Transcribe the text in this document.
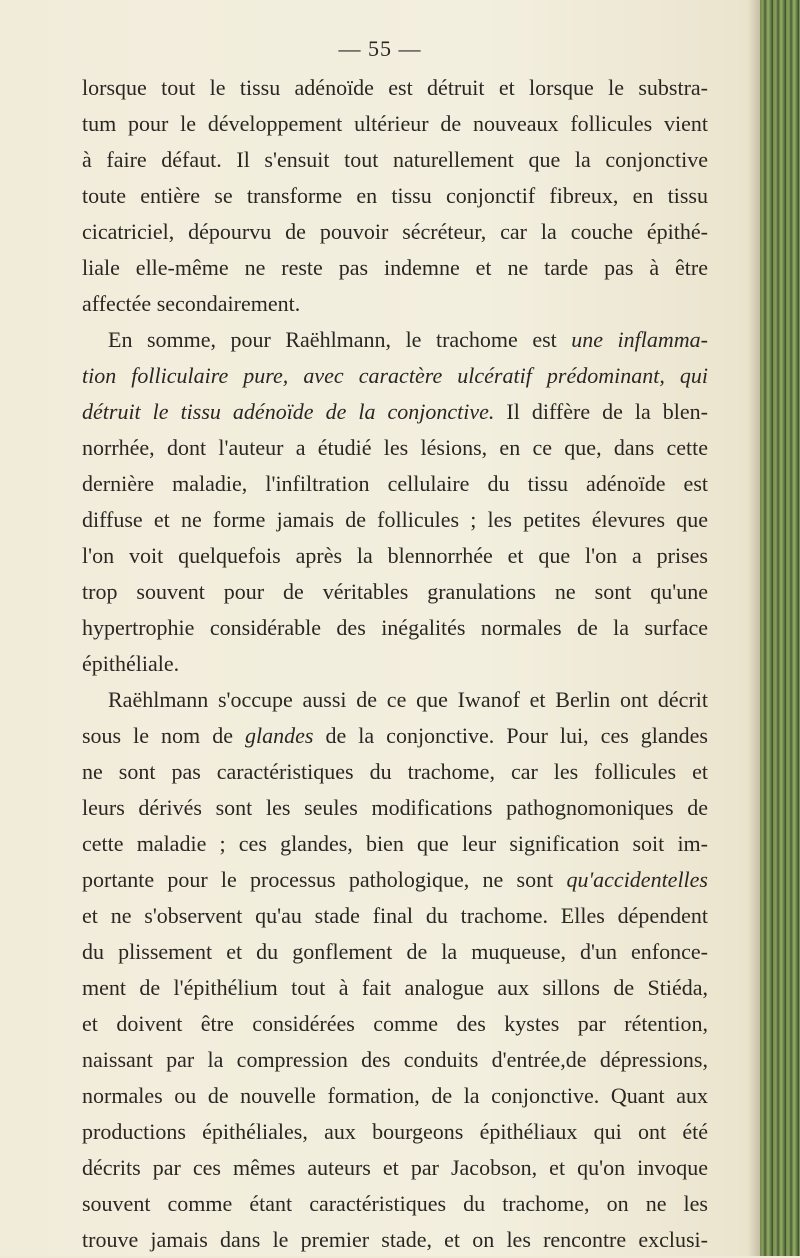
— 55 —
lorsque tout le tissu adénoïde est détruit et lorsque le substra-
tum pour le développement ultérieur de nouveaux follicules vient
à faire défaut. Il s'ensuit tout naturellement que la conjonctive
toute entière se transforme en tissu conjonctif fibreux, en tissu
cicatriciel, dépourvu de pouvoir sécréteur, car la couche épithé-
liale elle-même ne reste pas indemne et ne tarde pas à être
affectée secondairement.
En somme, pour Raëhlmann, le trachome est une inflamma-
tion folliculaire pure, avec caractère ulcératif prédominant, qui
détruit le tissu adénoïde de la conjonctive. Il diffère de la blen-
norrhée, dont l'auteur a étudié les lésions, en ce que, dans cette
dernière maladie, l'infiltration cellulaire du tissu adénoïde est
diffuse et ne forme jamais de follicules ; les petites élevures que
l'on voit quelquefois après la blennorrhée et que l'on a prises
trop souvent pour de véritables granulations ne sont qu'une
hypertrophie considérable des inégalités normales de la surface
épithéliale.
Raëhlmann s'occupe aussi de ce que Iwanof et Berlin ont décrit
sous le nom de glandes de la conjonctive. Pour lui, ces glandes
ne sont pas caractéristiques du trachome, car les follicules et
leurs dérivés sont les seules modifications pathognomoniques de
cette maladie ; ces glandes, bien que leur signification soit im-
portante pour le processus pathologique, ne sont qu'accidentelles
et ne s'observent qu'au stade final du trachome. Elles dépendent
du plissement et du gonflement de la muqueuse, d'un enfonce-
ment de l'épithélium tout à fait analogue aux sillons de Stiéda,
et doivent être considérées comme des kystes par rétention,
naissant par la compression des conduits d'entrée,de dépressions,
normales ou de nouvelle formation, de la conjonctive. Quant aux
productions épithéliales, aux bourgeons épithéliaux qui ont été
décrits par ces mêmes auteurs et par Jacobson, et qu'on invoque
souvent comme étant caractéristiques du trachome, on ne les
trouve jamais dans le premier stade, et on les rencontre exclusi-
